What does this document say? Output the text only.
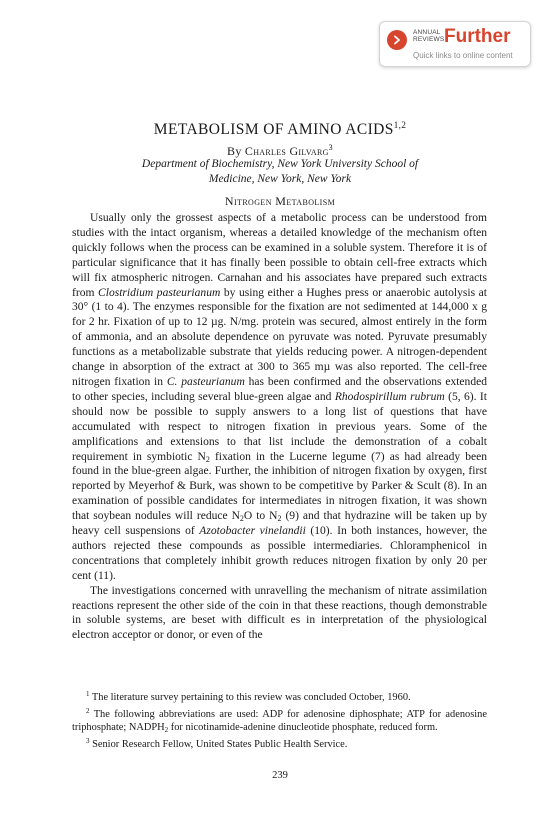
ANNUAL
REVIEWS Further
Quick links to online content
METABOLISM OF AMINO ACIDS$^{1,2}$
By Charles Gilvarg$^3$
Department of Biochemistry, New York University School of
Medicine, New York, New York
Nitrogen Metabolism

Usually only the grossest aspects of a metabolic process can be understood from studies with the intact organism, whereas a detailed knowledge of the mechanism often quickly follows when the process can be examined in a soluble system. Therefore it is of particular significance that it has finally been possible to obtain cell-free extracts which will fix atmospheric nitrogen. Carnahan and his associates have prepared such extracts from Clostridium pasteurianum by using either a Hughes press or anaerobic autolysis at 30° (1 to 4). The enzymes responsible for the fixation are not sedimented at 144,000 x g for 2 hr. Fixation of up to 12 µg. N/mg. protein was secured, almost entirely in the form of ammonia, and an absolute dependence on pyruvate was noted. Pyruvate presumably functions as a metabolizable substrate that yields reducing power. A nitrogen-dependent change in absorption of the extract at 300 to 365 mµ was also reported. The cell-free nitrogen fixation in C. pasteurianum has been confirmed and the observations extended to other species, including several blue-green algae and Rhodospirillum rubrum (5, 6). It should now be possible to supply answers to a long list of questions that have accumulated with respect to nitrogen fixation in previous years. Some of the amplifications and extensions to that list include the demonstration of a cobalt requirement in symbiotic $N_2$ fixation in the Lucerne legume (7) as had already been found in the blue-green algae. Further, the inhibition of nitrogen fixation by oxygen, first reported by Meyerhof & Burk, was shown to be competitive by Parker & Scult (8). In an examination of possible candidates for intermediates in nitrogen fixation, it was shown that soybean nodules will reduce $N_2O$ to $N_2$ (9) and that hydrazine will be taken up by heavy cell suspensions of Azotobacter vinelandii (10). In both instances, however, the authors rejected these compounds as possible intermediaries. Chloramphenicol in concentrations that completely inhibit growth reduces nitrogen fixation by only 20 per cent (11).

The investigations concerned with unravelling the mechanism of nitrate assimilation reactions represent the other side of the coin in that these reactions, though demonstrable in soluble systems, are beset with difficult es in interpretation of the physiological electron acceptor or donor, or even of the

$^1$ The literature survey pertaining to this review was concluded October, 1960.

$^2$ The following abbreviations are used: ADP for adenosine diphosphate; ATP for adenosine triphosphate; $NADPH_2$ for nicotinamide-adenine dinucleotide phosphate, reduced form.

$^3$ Senior Research Fellow, United States Public Health Service.

239
